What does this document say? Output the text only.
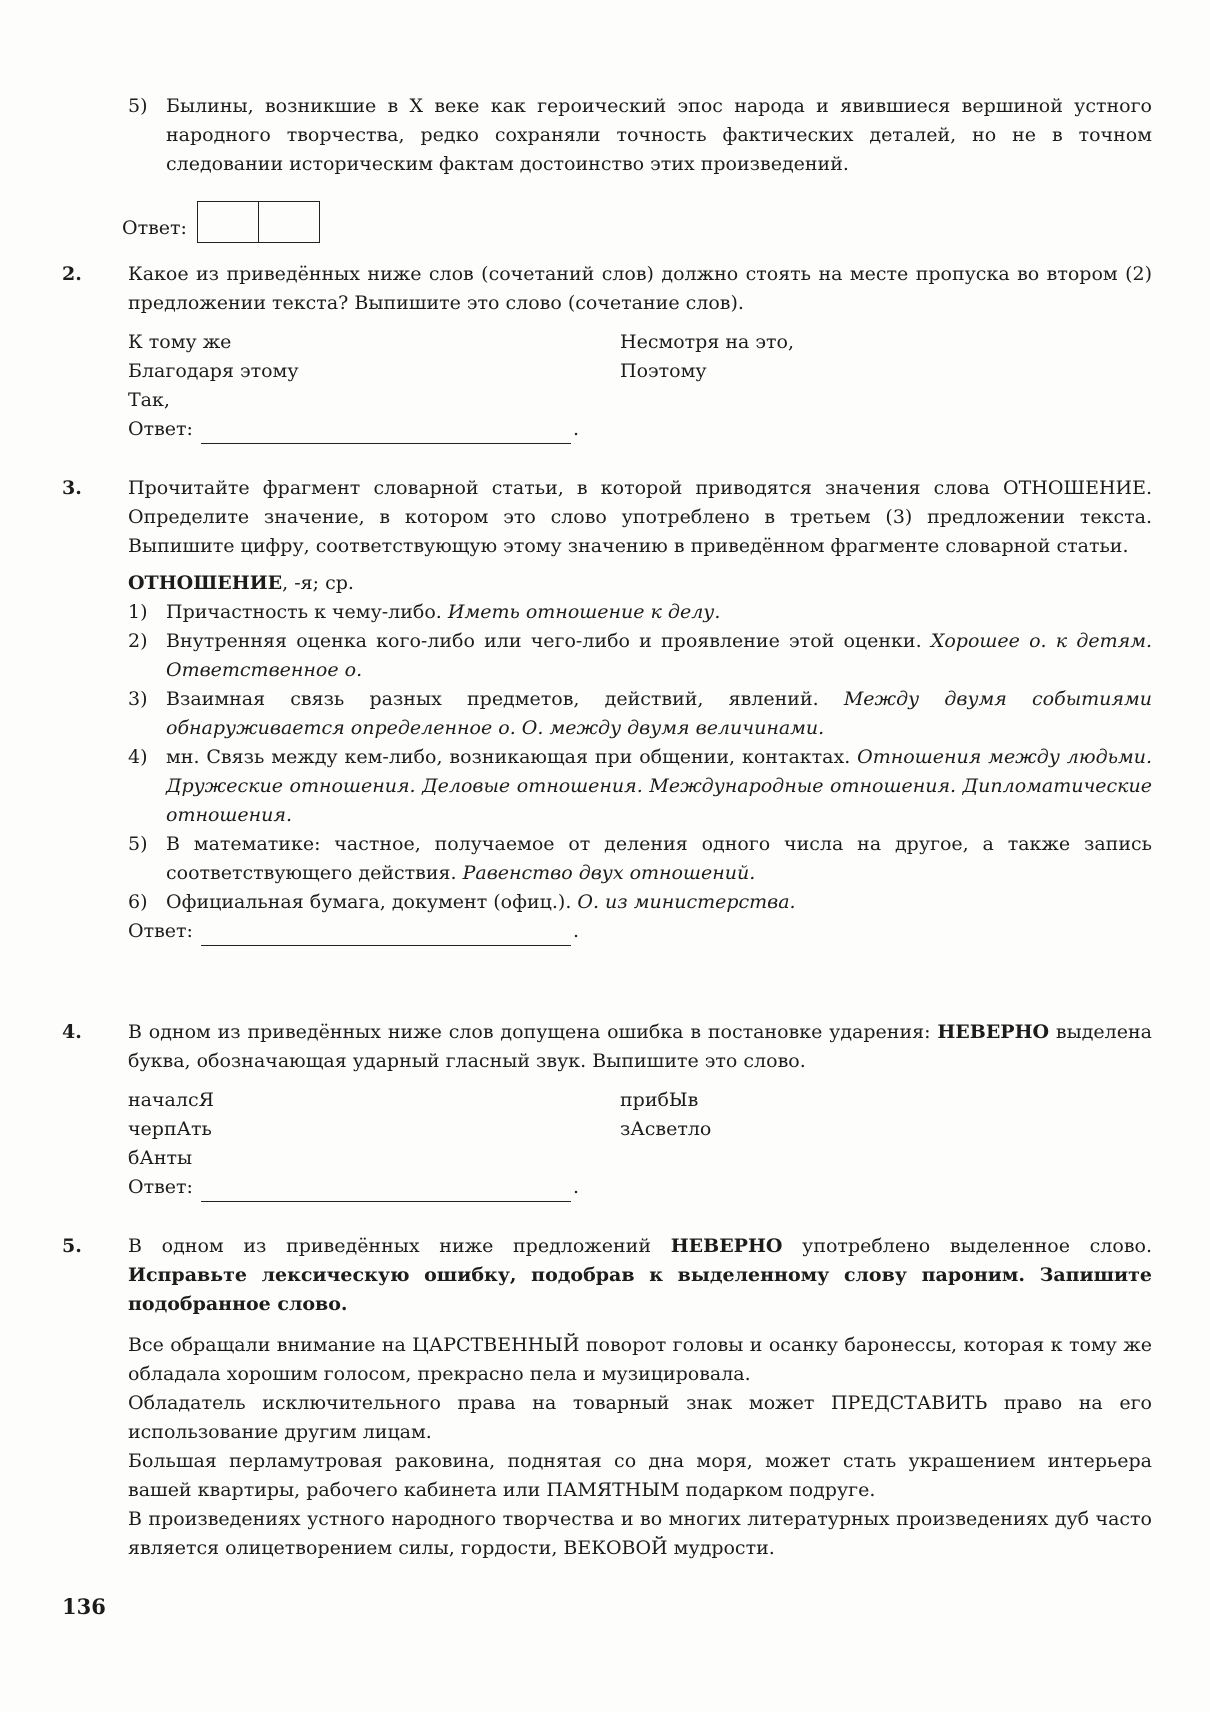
5) Былины, возникшие в X веке как героический эпос народа и явившиеся вершиной устного народного творчества, редко сохраняли точность фактических деталей, но не в точном следовании историческим фактам достоинство этих произведений.
Ответ:
2.	Какое из приведённых ниже слов (сочетаний слов) должно стоять на месте пропуска во втором (2) предложении текста? Выпишите это слово (сочетание слов).

К тому же
Благодаря этому
Так,
Несмотря на это,
Поэтому
Ответ:	.
3.	Прочитайте фрагмент словарной статьи, в которой приводятся значения слова ОТНОШЕНИЕ. Определите значение, в котором это слово употреблено в третьем (3) предложении текста. Выпишите цифру, соответствующую этому значению в приведённом фрагменте словарной статьи.

ОТНОШЕНИЕ, -я; ср.

1) Причастность к чему-либо. Иметь отношение к делу.
2) Внутренняя оценка кого-либо или чего-либо и проявление этой оценки. Хорошее о. к детям. Ответственное о.
3) Взаимная связь разных предметов, действий, явлений. Между двумя событиями обнаруживается определенное о. О. между двумя величинами.
4) мн. Связь между кем-либо, возникающая при общении, контактах. Отношения между людьми. Дружеские отношения. Деловые отношения. Международные отношения. Дипломатические отношения.
5) В математике: частное, получаемое от деления одного числа на другое, а также запись соответствующего действия. Равенство двух отношений.
6) Официальная бумага, документ (офиц.). О. из министерства.
Ответ:	.
4.	В одном из приведённых ниже слов допущена ошибка в постановке ударения: НЕВЕРНО выделена буква, обозначающая ударный гласный звук. Выпишите это слово.

началсЯ
черпАть
бАнты
прибЫв
зАсветло
Ответ:	.
5.	В одном из приведённых ниже предложений НЕВЕРНО употреблено выделенное слово. Исправьте лексическую ошибку, подобрав к выделенному слову пароним. Запишите подобранное слово.

Все обращали внимание на ЦАРСТВЕННЫЙ поворот головы и осанку баронессы, которая к тому же обладала хорошим голосом, прекрасно пела и музицировала.

Обладатель исключительного права на товарный знак может ПРЕДСТАВИТЬ право на его использование другим лицам.

Большая перламутровая раковина, поднятая со дна моря, может стать украшением интерьера вашей квартиры, рабочего кабинета или ПАМЯТНЫМ подарком подруге.

В произведениях устного народного творчества и во многих литературных произведениях дуб часто является олицетворением силы, гордости, ВЕКОВОЙ мудрости.

136
